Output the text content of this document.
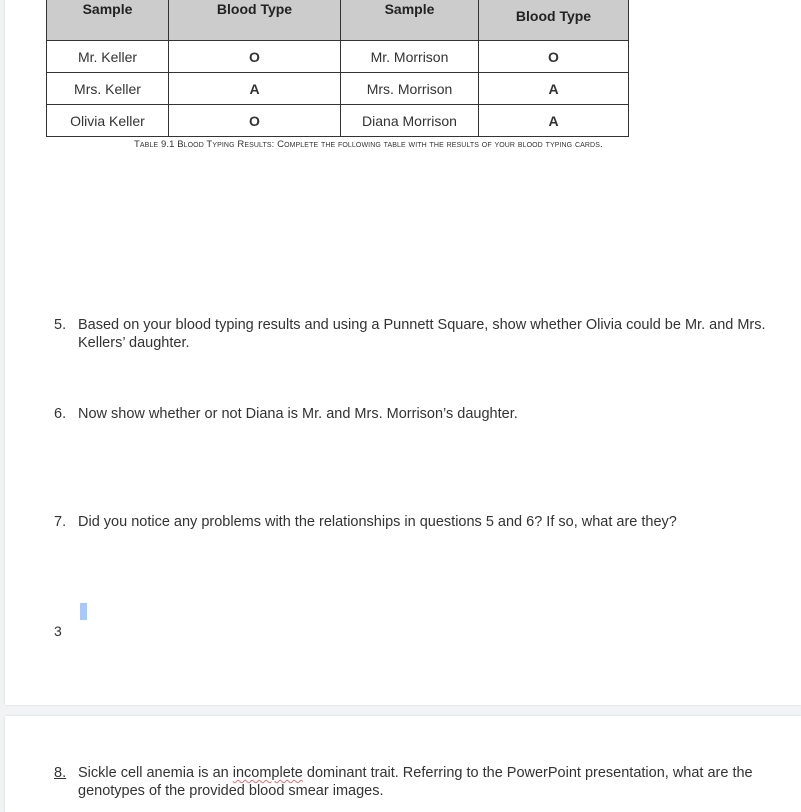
Sample	Blood Type	Sample	Blood Type
Mr. Keller	O	Mr. Morrison	O
Mrs. Keller	A	Mrs. Morrison	A
Olivia Keller	O	Diana Morrison	A
Table 9.1 Blood Typing Results: Complete the following table with the results of your blood typing cards.
5. Based on your blood typing results and using a Punnett Square, show whether Olivia could be Mr. and Mrs. Kellers’ daughter.
6. Now show whether or not Diana is Mr. and Mrs. Morrison’s daughter.
7. Did you notice any problems with the relationships in questions 5 and 6? If so, what are they?
3
8. Sickle cell anemia is an incomplete dominant trait. Referring to the PowerPoint presentation, what are the genotypes of the provided blood smear images.
